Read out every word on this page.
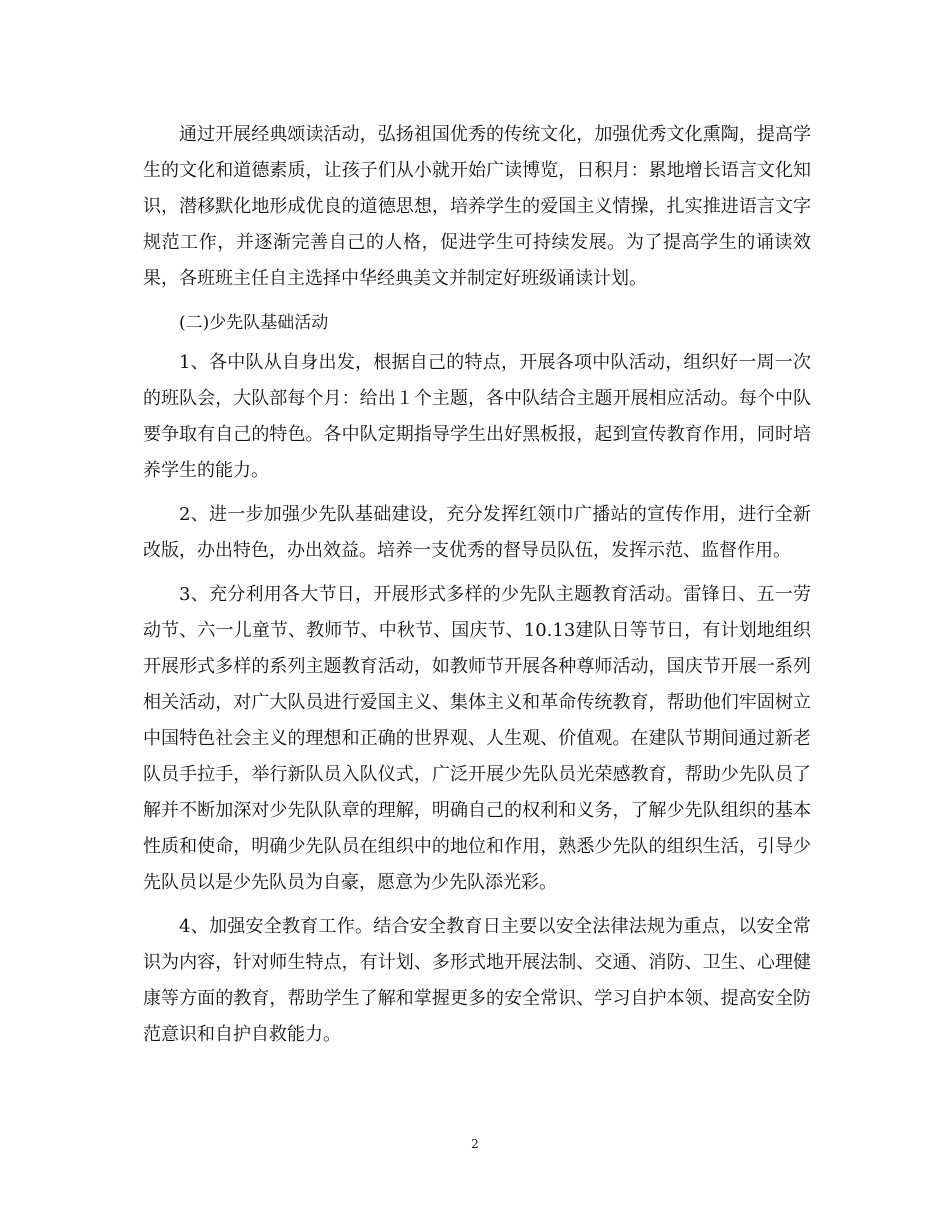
通过开展经典颂读活动，弘扬祖国优秀的传统文化，加强优秀文化熏陶，提高学生的文化和道德素质，让孩子们从小就开始广读博览，日积月：累地增长语言文化知识，潜移默化地形成优良的道德思想，培养学生的爱国主义情操，扎实推进语言文字规范工作，并逐渐完善自己的人格，促进学生可持续发展。为了提高学生的诵读效果，各班班主任自主选择中华经典美文并制定好班级诵读计划。

(二)少先队基础活动

1、各中队从自身出发，根据自己的特点，开展各项中队活动，组织好一周一次的班队会，大队部每个月：给出１个主题，各中队结合主题开展相应活动。每个中队要争取有自己的特色。各中队定期指导学生出好黑板报，起到宣传教育作用，同时培养学生的能力。

2、进一步加强少先队基础建设，充分发挥红领巾广播站的宣传作用，进行全新改版，办出特色，办出效益。培养一支优秀的督导员队伍，发挥示范、监督作用。

3、充分利用各大节日，开展形式多样的少先队主题教育活动。雷锋日、五一劳动节、六一儿童节、教师节、中秋节、国庆节、10.13建队日等节日，有计划地组织开展形式多样的系列主题教育活动，如教师节开展各种尊师活动，国庆节开展一系列相关活动，对广大队员进行爱国主义、集体主义和革命传统教育，帮助他们牢固树立中国特色社会主义的理想和正确的世界观、人生观、价值观。在建队节期间通过新老队员手拉手，举行新队员入队仪式，广泛开展少先队员光荣感教育，帮助少先队员了解并不断加深对少先队队章的理解，明确自己的权利和义务，了解少先队组织的基本性质和使命，明确少先队员在组织中的地位和作用，熟悉少先队的组织生活，引导少先队员以是少先队员为自豪，愿意为少先队添光彩。

4、加强安全教育工作。结合安全教育日主要以安全法律法规为重点，以安全常识为内容，针对师生特点，有计划、多形式地开展法制、交通、消防、卫生、心理健康等方面的教育，帮助学生了解和掌握更多的安全常识、学习自护本领、提高安全防范意识和自护自救能力。

2
